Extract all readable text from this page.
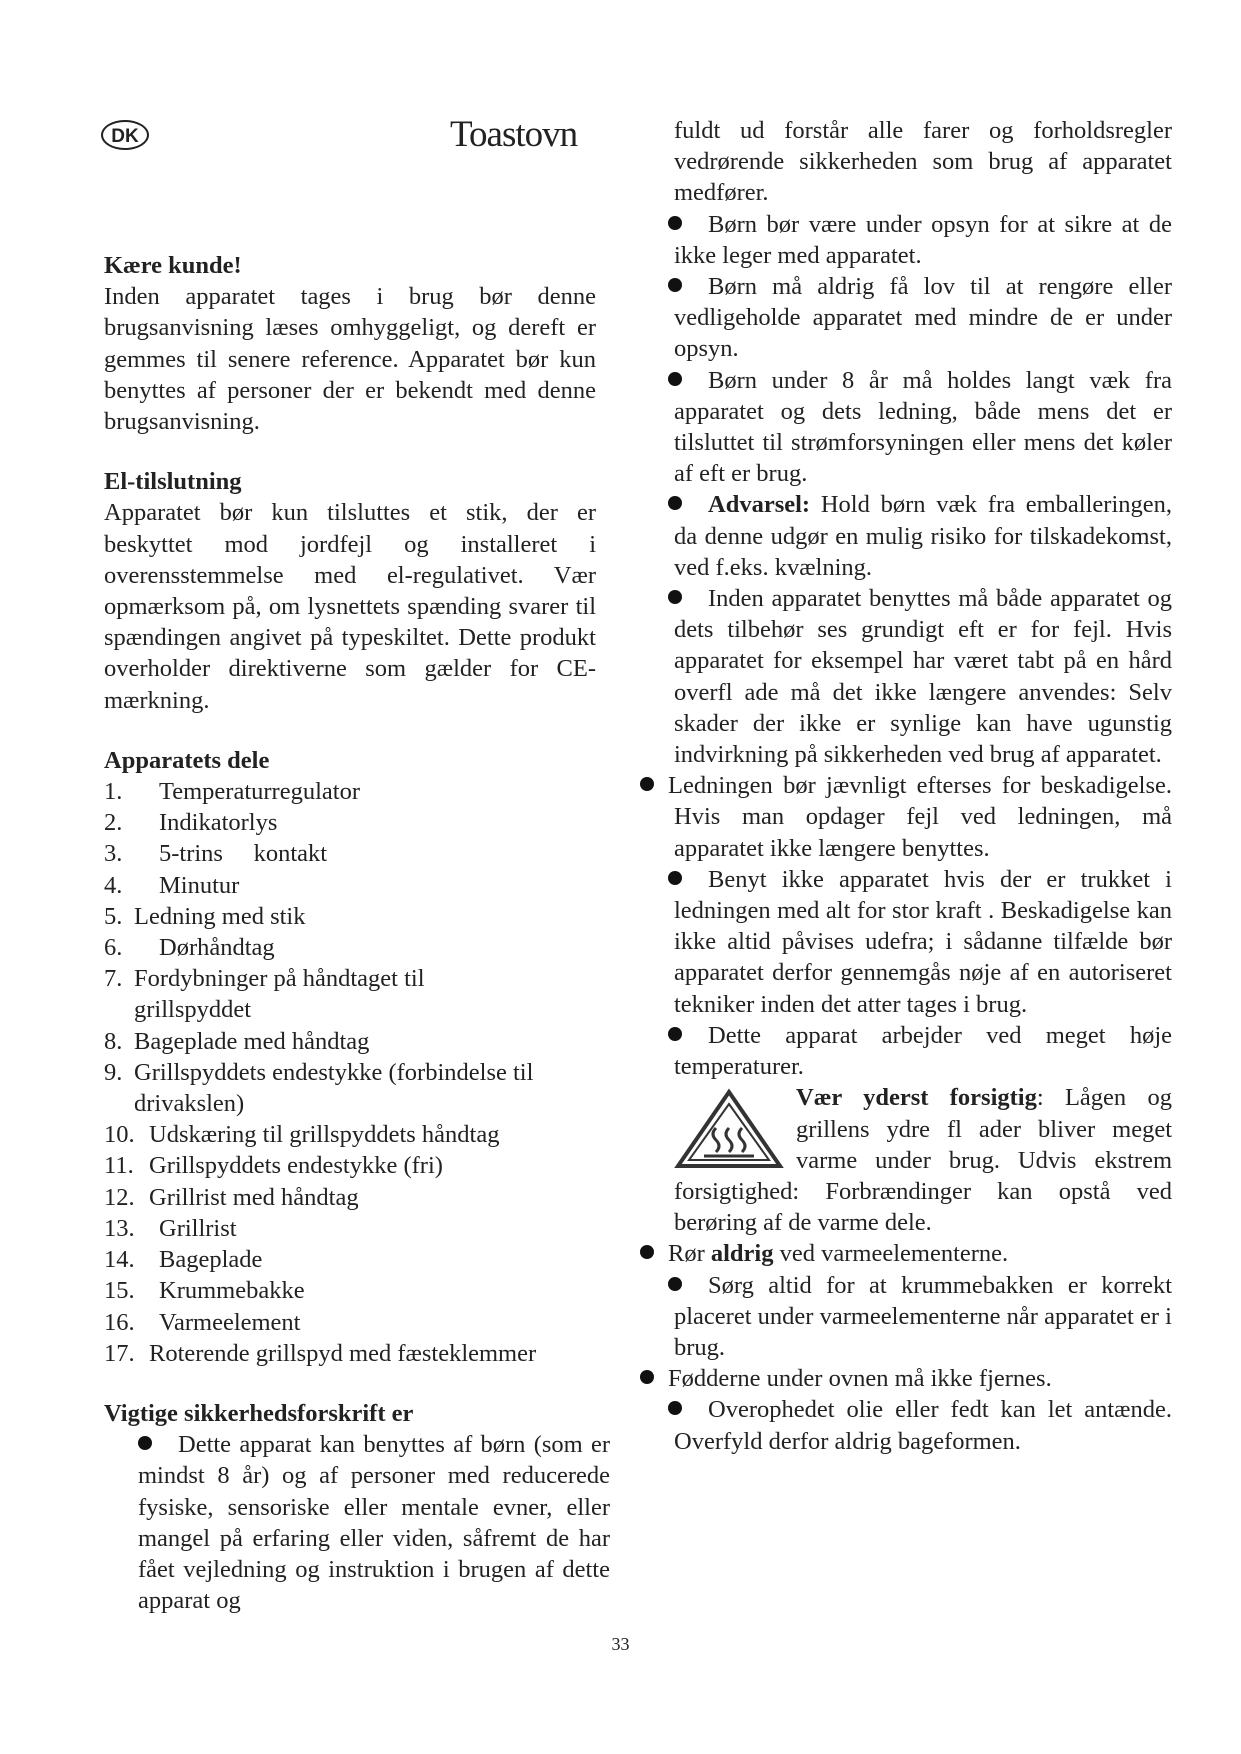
DK	Toastovn
Kære kunde!
Inden apparatet tages i brug bør denne brugsanvisning læses omhyggeligt, og dereft er gemmes til senere reference. Apparatet bør kun benyttes af personer der er bekendt med denne brugsanvisning.
El-tilslutning
Apparatet bør kun tilsluttes et stik, der er beskyttet mod jordfejl og installeret i overensstemmelse med el-regulativet. Vær opmærksom på, om lysnettets spænding svarer til spændingen angivet på typeskiltet. Dette produkt overholder direktiverne som gælder for CE-mærkning.
Apparatets dele
1. Temperaturregulator
2. Indikatorlys
3. 5-trins     kontakt
4. Minutur
5. Ledning med stik
6. Dørhåndtag
7. Fordybninger på håndtaget til grillspyddet
8. Bageplade med håndtag
9. Grillspyddets endestykke (forbindelse til drivakslen)
10. Udskæring til grillspyddets håndtag
11. Grillspyddets endestykke (fri)
12. Grillrist med håndtag
13. Grillrist
14. Bageplade
15. Krummebakke
16. Varmeelement
17. Roterende grillspyd med fæsteklemmer
Vigtige sikkerhedsforskrift er
Dette apparat kan benyttes af børn (som er mindst 8 år) og af personer med reducerede fysiske, sensoriske eller mentale evner, eller mangel på erfaring eller viden, såfremt de har fået vejledning og instruktion i brugen af dette apparat og
fuldt ud forstår alle farer og forholdsregler vedrørende sikkerheden som brug af apparatet medfører.
Børn bør være under opsyn for at sikre at de ikke leger med apparatet.
Børn må aldrig få lov til at rengøre eller vedligeholde apparatet med mindre de er under opsyn.
Børn under 8 år må holdes langt væk fra apparatet og dets ledning, både mens det er tilsluttet til strømforsyningen eller mens det køler af eft er brug.
Advarsel: Hold børn væk fra emballeringen, da denne udgør en mulig risiko for tilskadekomst, ved f.eks. kvælning.
Inden apparatet benyttes må både apparatet og dets tilbehør ses grundigt eft er for fejl. Hvis apparatet for eksempel har været tabt på en hård overfl ade må det ikke længere anvendes: Selv skader der ikke er synlige kan have ugunstig indvirkning på sikkerheden ved brug af apparatet.
Ledningen bør jævnligt efterses for beskadigelse. Hvis man opdager fejl ved ledningen, må apparatet ikke længere benyttes.
Benyt ikke apparatet hvis der er trukket i ledningen med alt for stor kraft . Beskadigelse kan ikke altid påvises udefra; i sådanne tilfælde bør apparatet derfor gennemgås nøje af en autoriseret tekniker inden det atter tages i brug.
Dette apparat arbejder ved meget høje temperaturer.
Vær yderst forsigtig: Lågen og grillens ydre fl ader bliver meget varme under brug. Udvis ekstrem forsigtighed: Forbrændinger kan opstå ved berøring af de varme dele.
Rør aldrig ved varmeelementerne.
Sørg altid for at krummebakken er korrekt placeret under varmeelementerne når apparatet er i brug.
Fødderne under ovnen må ikke fjernes.
Overophedet olie eller fedt kan let antænde. Overfyld derfor aldrig bageformen.
33
